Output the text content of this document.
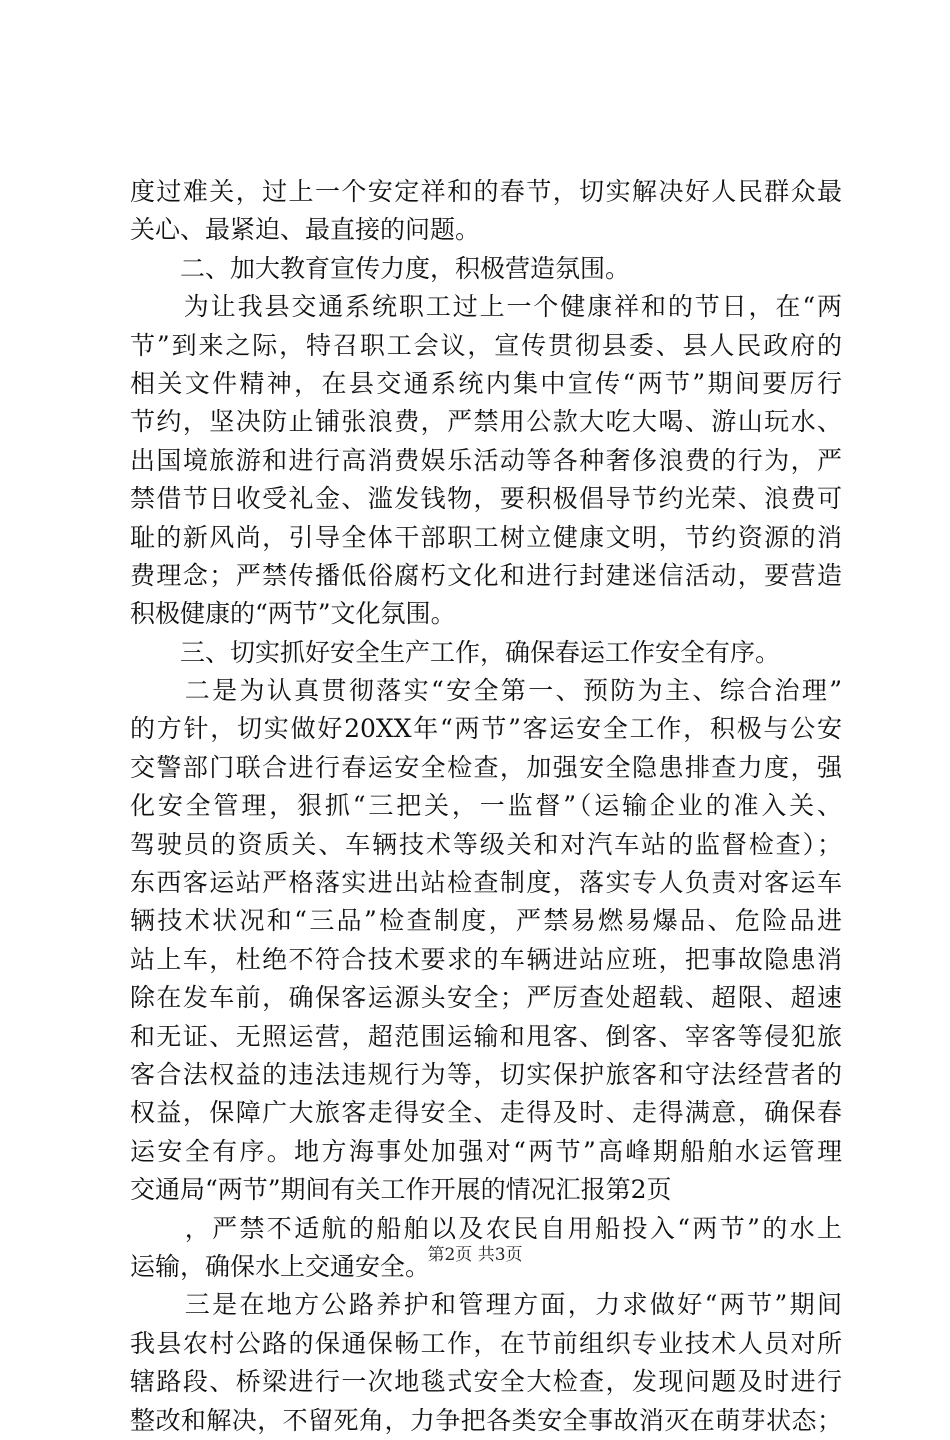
度过难关，过上一个安定祥和的春节，切实解决好人民群众最
关心、最紧迫、最直接的问题。
　　二、加大教育宣传力度，积极营造氛围。
　　为让我县交通系统职工过上一个健康祥和的节日，在“两
节”到来之际，特召职工会议，宣传贯彻县委、县人民政府的
相关文件精神，在县交通系统内集中宣传“两节”期间要厉行
节约，坚决防止铺张浪费，严禁用公款大吃大喝、游山玩水、
出国境旅游和进行高消费娱乐活动等各种奢侈浪费的行为，严
禁借节日收受礼金、滥发钱物，要积极倡导节约光荣、浪费可
耻的新风尚，引导全体干部职工树立健康文明，节约资源的消
费理念；严禁传播低俗腐朽文化和进行封建迷信活动，要营造
积极健康的“两节”文化氛围。
　　三、切实抓好安全生产工作，确保春运工作安全有序。
　　二是为认真贯彻落实“安全第一、预防为主、综合治理”
的方针，切实做好20XX年“两节”客运安全工作，积极与公安
交警部门联合进行春运安全检查，加强安全隐患排查力度，强
化安全管理，狠抓“三把关，一监督”（运输企业的准入关、
驾驶员的资质关、车辆技术等级关和对汽车站的监督检查）；
东西客运站严格落实进出站检查制度，落实专人负责对客运车
辆技术状况和“三品”检查制度，严禁易燃易爆品、危险品进
站上车，杜绝不符合技术要求的车辆进站应班，把事故隐患消
除在发车前，确保客运源头安全；严厉查处超载、超限、超速
和无证、无照运营，超范围运输和甩客、倒客、宰客等侵犯旅
客合法权益的违法违规行为等，切实保护旅客和守法经营者的
权益，保障广大旅客走得安全、走得及时、走得满意，确保春
运安全有序。地方海事处加强对“两节”高峰期船舶水运管理
交通局“两节”期间有关工作开展的情况汇报第2页
　　，严禁不适航的船舶以及农民自用船投入“两节”的水上
运输，确保水上交通安全。
　　三是在地方公路养护和管理方面，力求做好“两节”期间
我县农村公路的保通保畅工作，在节前组织专业技术人员对所
辖路段、桥梁进行一次地毯式安全大检查，发现问题及时进行
整改和解决，不留死角，力争把各类安全事故消灭在萌芽状态；
第2页 共3页
